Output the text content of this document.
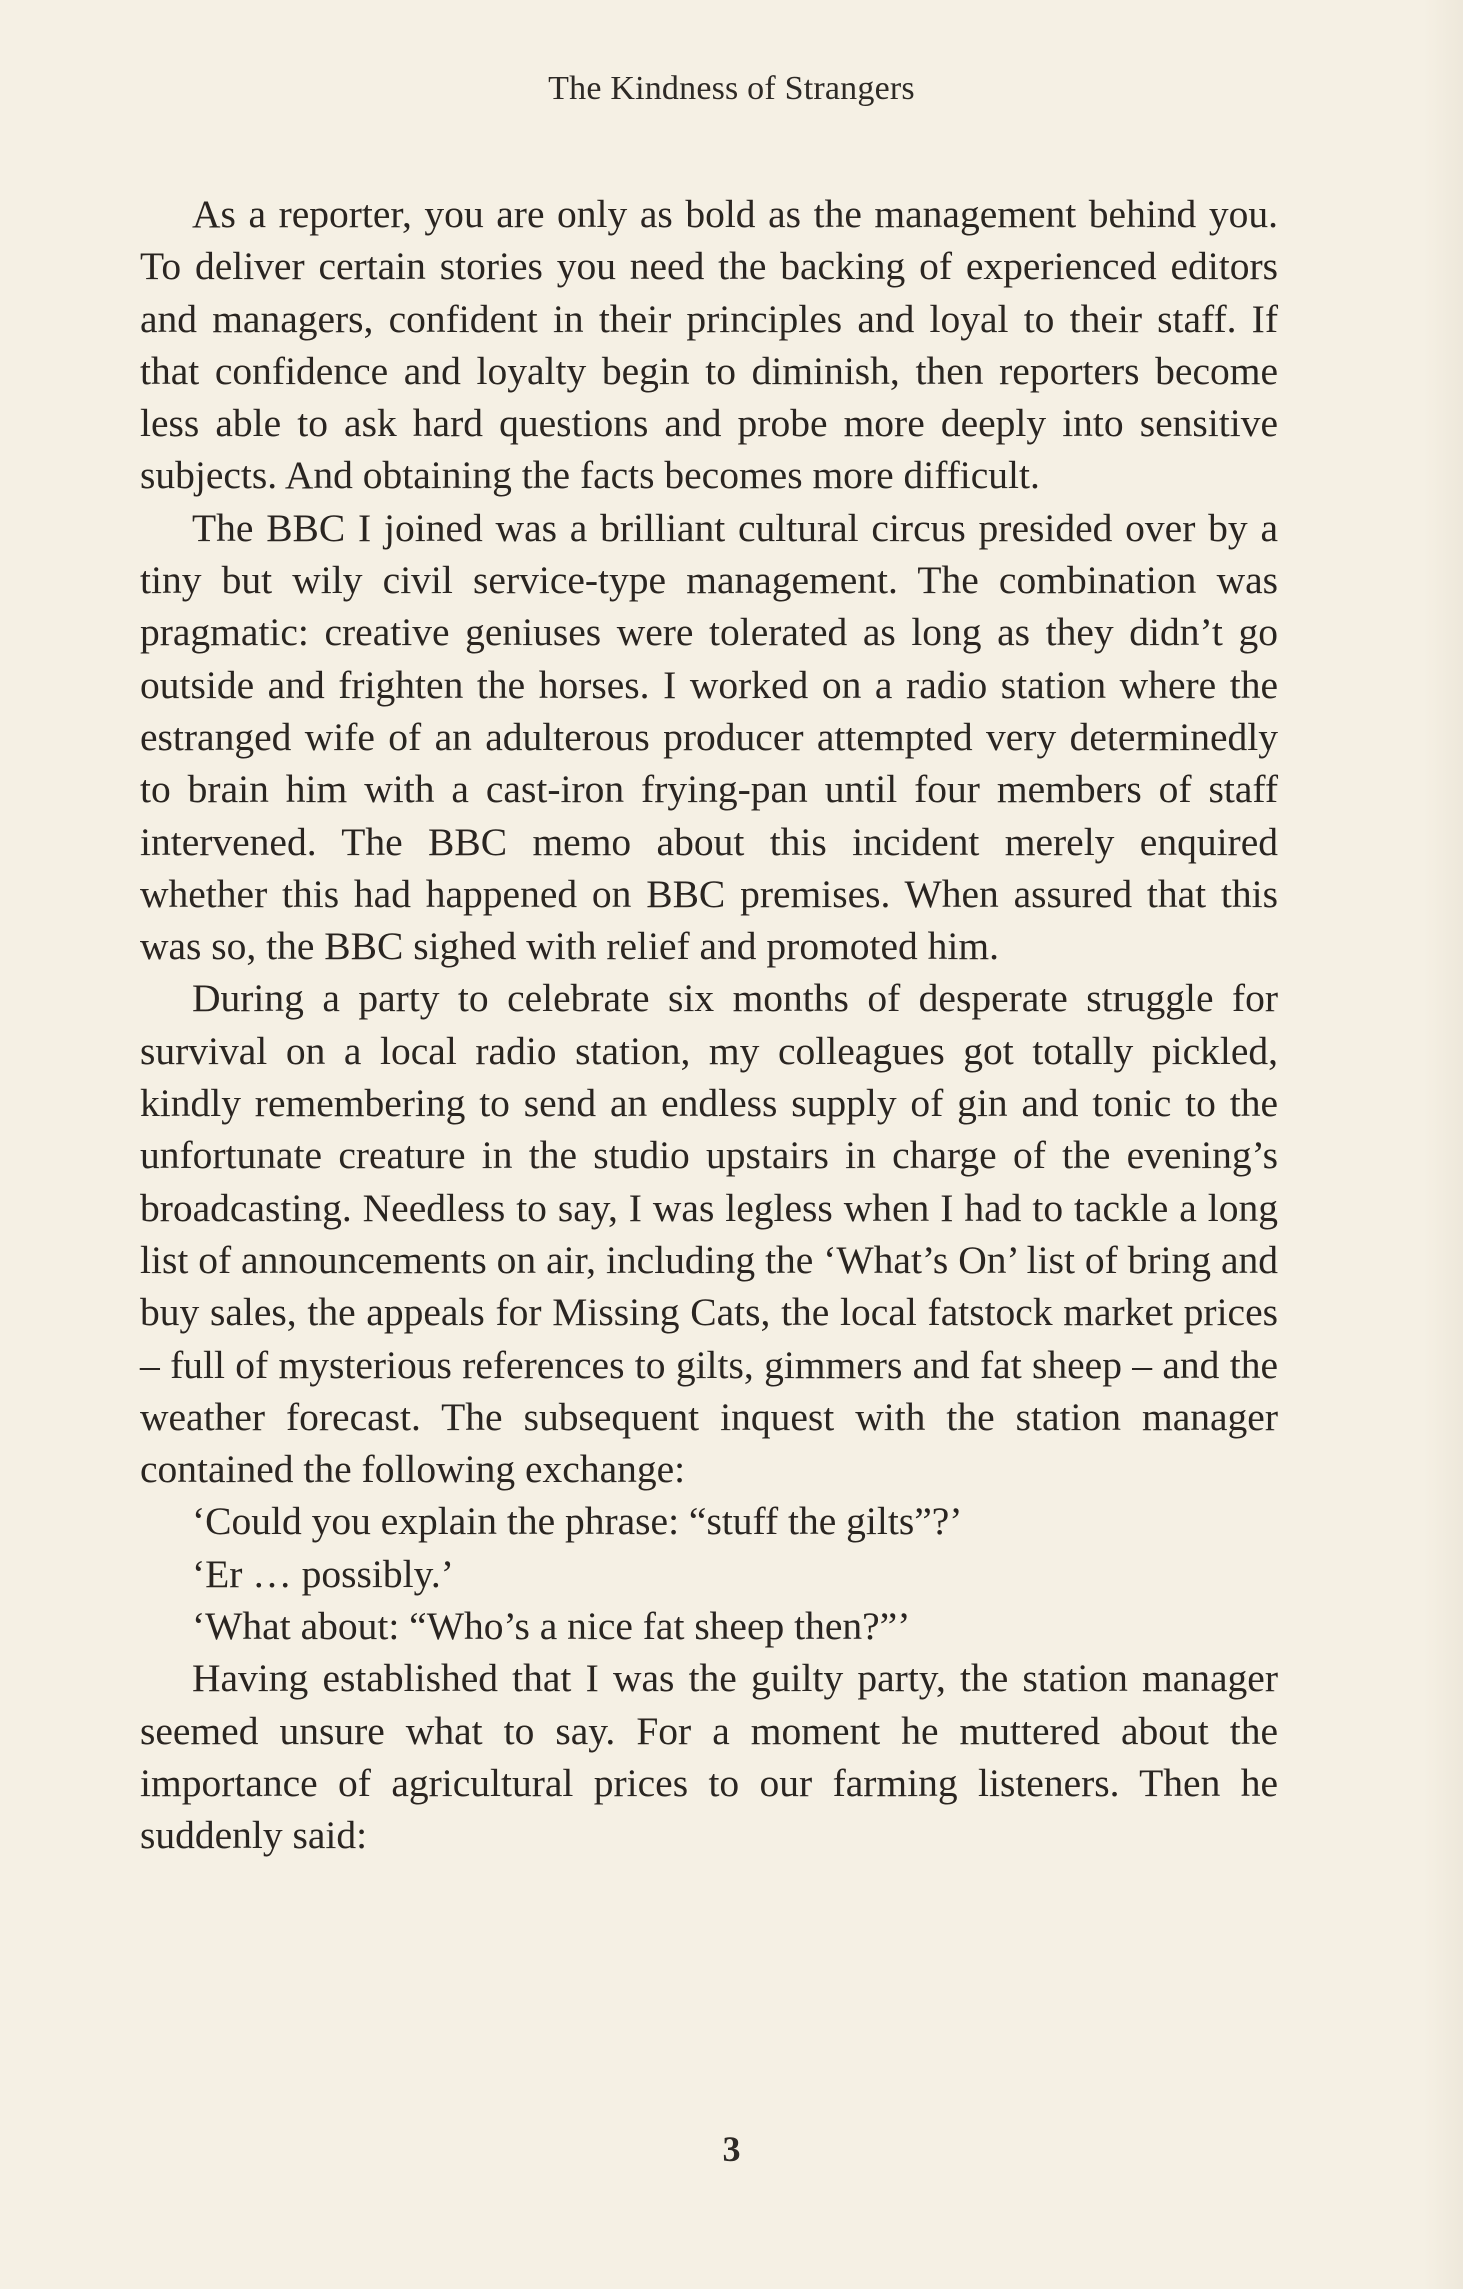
The Kindness of Strangers

As a reporter, you are only as bold as the management behind you. To deliver certain stories you need the backing of experienced editors and managers, confident in their principles and loyal to their staff. If that confidence and loyalty begin to diminish, then reporters become less able to ask hard questions and probe more deeply into sensitive subjects. And obtaining the facts becomes more difficult.

The BBC I joined was a brilliant cultural circus presided over by a tiny but wily civil service-type management. The combination was pragmatic: creative geniuses were tolerated as long as they didn’t go outside and frighten the horses. I worked on a radio station where the estranged wife of an adulterous producer attempted very determinedly to brain him with a cast-iron frying-pan until four members of staff intervened. The BBC memo about this incident merely enquired whether this had happened on BBC premises. When assured that this was so, the BBC sighed with relief and promoted him.

During a party to celebrate six months of desperate struggle for survival on a local radio station, my colleagues got totally pickled, kindly remembering to send an endless supply of gin and tonic to the unfortunate creature in the studio upstairs in charge of the evening’s broadcasting. Needless to say, I was legless when I had to tackle a long list of announcements on air, including the ‘What’s On’ list of bring and buy sales, the appeals for Missing Cats, the local fatstock market prices – full of mysterious references to gilts, gimmers and fat sheep – and the weather forecast. The subsequent inquest with the station manager contained the following exchange:

‘Could you explain the phrase: “stuff the gilts”?’

‘Er … possibly.’

‘What about: “Who’s a nice fat sheep then?”’

Having established that I was the guilty party, the station manager seemed unsure what to say. For a moment he muttered about the importance of agricultural prices to our farming listeners. Then he suddenly said:

3
